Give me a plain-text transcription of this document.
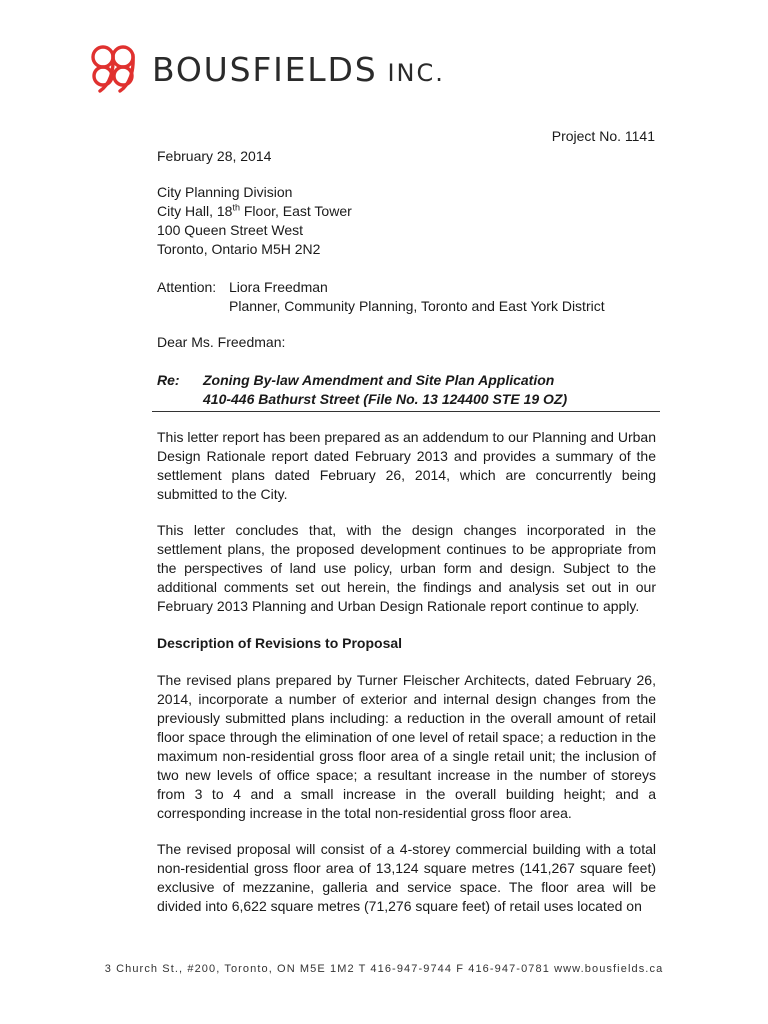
BOUSFIELDS INC.
Project No. 1141
February 28, 2014
City Planning Division
City Hall, 18th Floor, East Tower
100 Queen Street West
Toronto, Ontario M5H 2N2
Attention: Liora Freedman
Planner, Community Planning, Toronto and East York District
Dear Ms. Freedman:
Re: Zoning By-law Amendment and Site Plan Application
410-446 Bathurst Street (File No. 13 124400 STE 19 OZ)
This letter report has been prepared as an addendum to our Planning and Urban Design Rationale report dated February 2013 and provides a summary of the settlement plans dated February 26, 2014, which are concurrently being submitted to the City.
This letter concludes that, with the design changes incorporated in the settlement plans, the proposed development continues to be appropriate from the perspectives of land use policy, urban form and design. Subject to the additional comments set out herein, the findings and analysis set out in our February 2013 Planning and Urban Design Rationale report continue to apply.
Description of Revisions to Proposal
The revised plans prepared by Turner Fleischer Architects, dated February 26, 2014, incorporate a number of exterior and internal design changes from the previously submitted plans including: a reduction in the overall amount of retail floor space through the elimination of one level of retail space; a reduction in the maximum non-residential gross floor area of a single retail unit; the inclusion of two new levels of office space; a resultant increase in the number of storeys from 3 to 4 and a small increase in the overall building height; and a corresponding increase in the total non-residential gross floor area.
The revised proposal will consist of a 4-storey commercial building with a total non-residential gross floor area of 13,124 square metres (141,267 square feet) exclusive of mezzanine, galleria and service space. The floor area will be divided into 6,622 square metres (71,276 square feet) of retail uses located on
3 Church St., #200, Toronto, ON M5E 1M2 T 416-947-9744 F 416-947-0781 www.bousfields.ca
